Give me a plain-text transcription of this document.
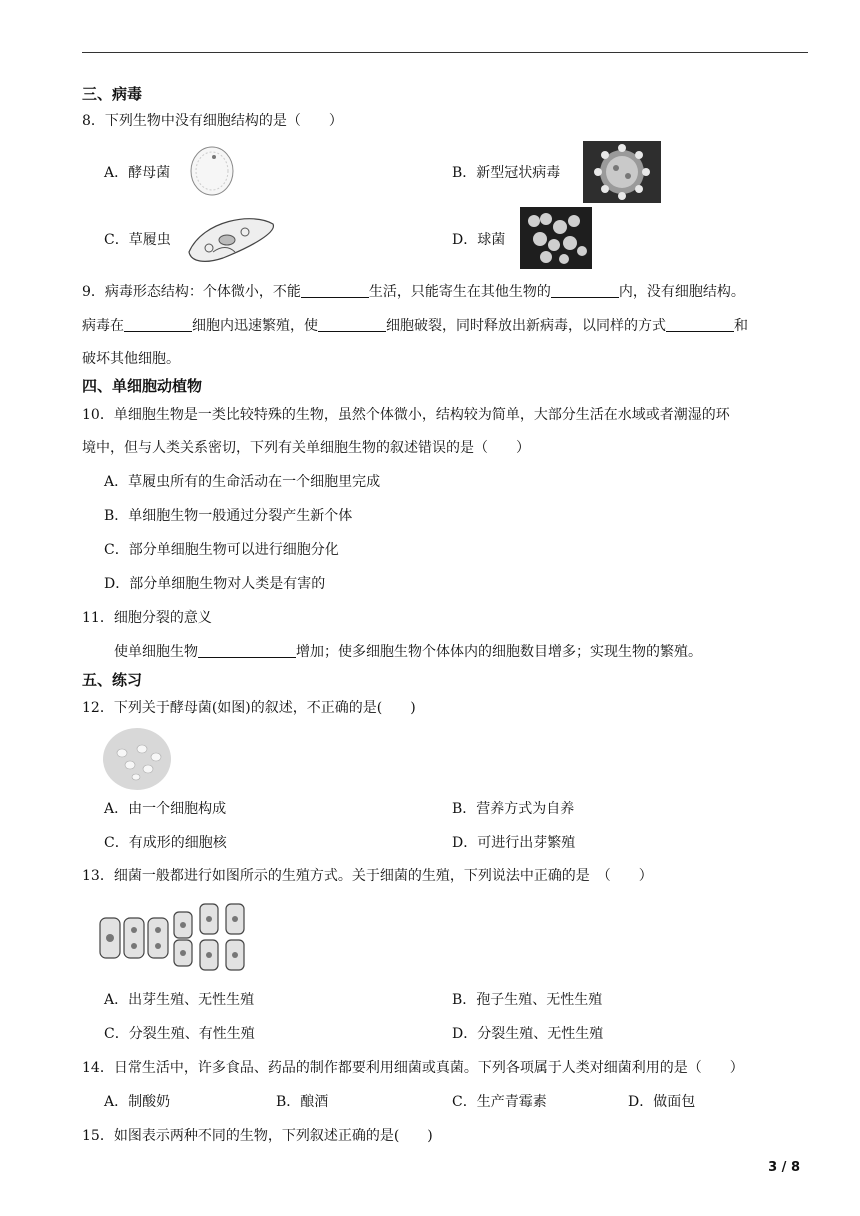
三、病毒
8．下列生物中没有细胞结构的是（　　）
A．酵母菌	B．新型冠状病毒
C．草履虫	D．球菌
9．病毒形态结构：个体微小，不能	生活，只能寄生在其他生物的	内，没有细胞结构。
病毒在	细胞内迅速繁殖，使	细胞破裂，同时释放出新病毒，以同样的方式	和
破坏其他细胞。
四、单细胞动植物
10．单细胞生物是一类比较特殊的生物，虽然个体微小，结构较为简单，大部分生活在水域或者潮湿的环
境中，但与人类关系密切，下列有关单细胞生物的叙述错误的是（　　）
A．草履虫所有的生命活动在一个细胞里完成
B．单细胞生物一般通过分裂产生新个体
C．部分单细胞生物可以进行细胞分化
D．部分单细胞生物对人类是有害的
11．细胞分裂的意义
使单细胞生物	增加；使多细胞生物个体体内的细胞数目增多；实现生物的繁殖。
五、练习
12．下列关于酵母菌(如图)的叙述，不正确的是(　　)
A．由一个细胞构成	B．营养方式为自养
C．有成形的细胞核	D．可进行出芽繁殖
13．细菌一般都进行如图所示的生殖方式。关于细菌的生殖，下列说法中正确的是　（　　）
A．出芽生殖、无性生殖	B．孢子生殖、无性生殖
C．分裂生殖、有性生殖	D．分裂生殖、无性生殖
14．日常生活中，许多食品、药品的制作都要利用细菌或真菌。下列各项属于人类对细菌利用的是（　　）
A．制酸奶	B．酿酒	C．生产青霉素	D．做面包
15．如图表示两种不同的生物，下列叙述正确的是(　　)
3 / 8
